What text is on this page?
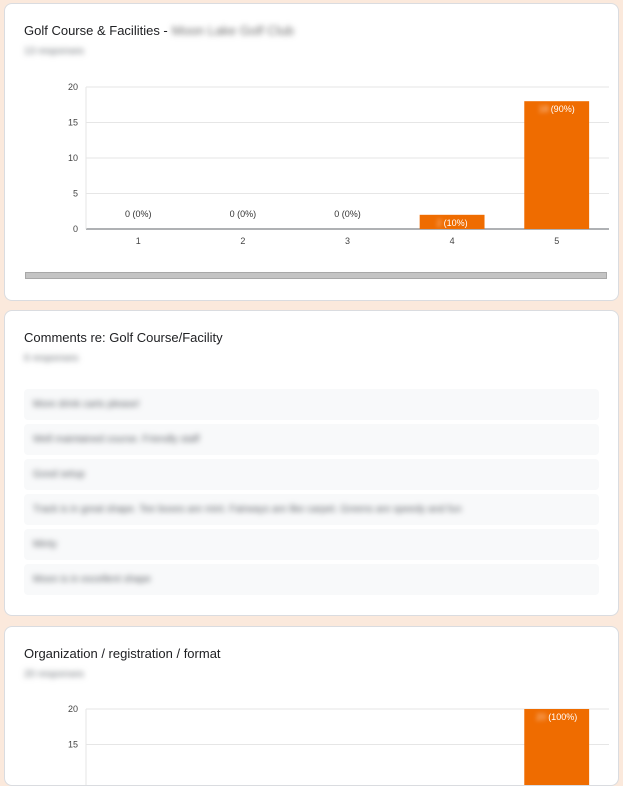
Golf Course & Facilities - Moon Lake Golf Club
13 responses
0
5
10
15
20
0 (0%)
1
0 (0%)
2
0 (0%)
3
2 (10%)
4
18 (90%)
5
Comments re: Golf Course/Facility
6 responses
More drink carts please!
Well maintained course. Friendly staff
Good setup
Track is in great shape. Tee boxes are mint. Fairways are like carpet. Greens are speedy and fun
Minty
Moon is in excellent shape
Organization / registration / format
20 responses
15
20
20 (100%)
